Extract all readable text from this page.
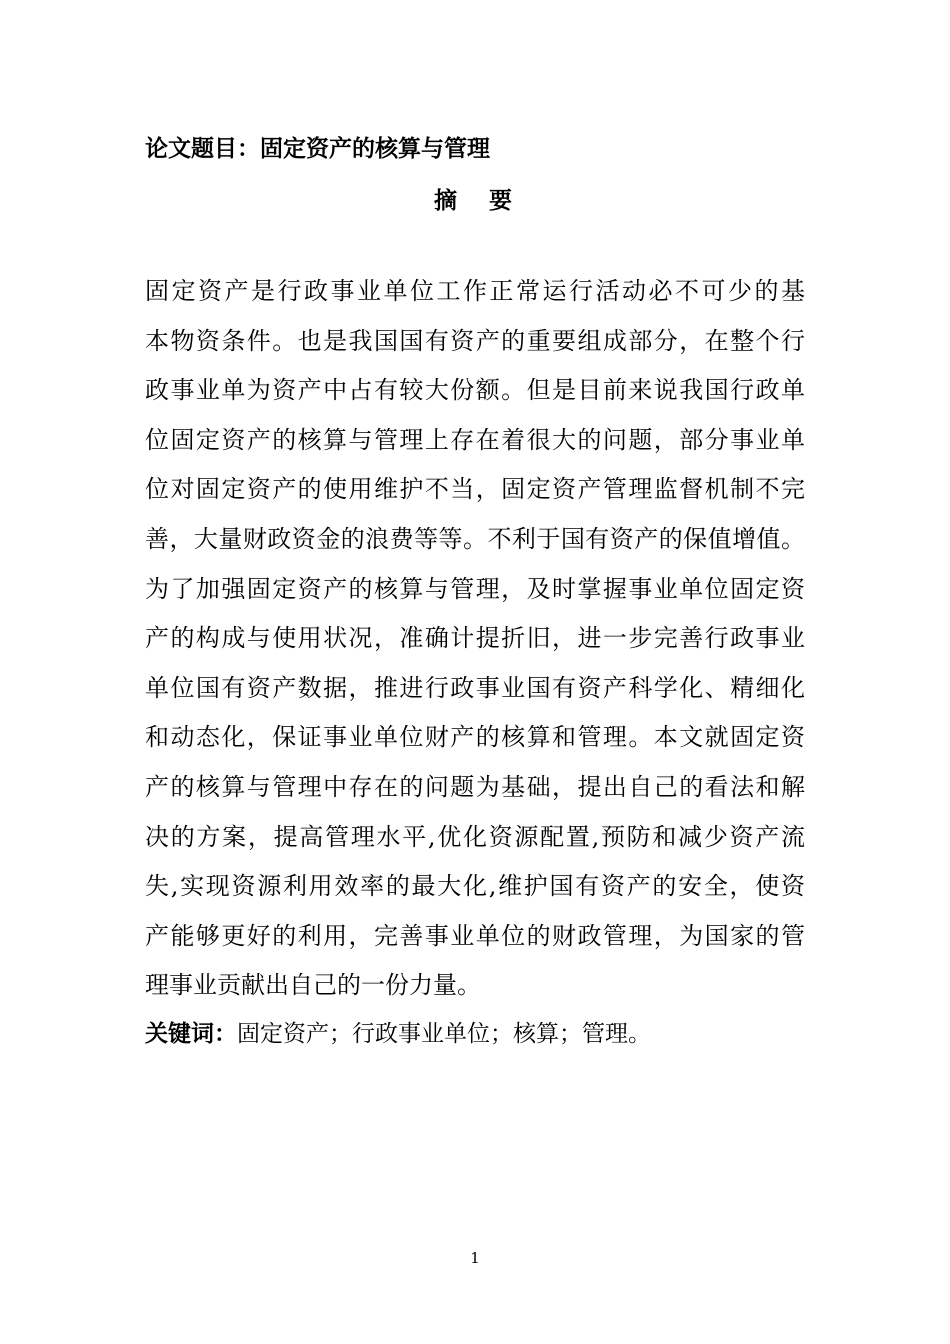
论文题目：固定资产的核算与管理
摘 要
固定资产是行政事业单位工作正常运行活动必不可少的基
本物资条件。也是我国国有资产的重要组成部分，在整个行
政事业单为资产中占有较大份额。但是目前来说我国行政单
位固定资产的核算与管理上存在着很大的问题，部分事业单
位对固定资产的使用维护不当，固定资产管理监督机制不完
善，大量财政资金的浪费等等。不利于国有资产的保值增值。
为了加强固定资产的核算与管理，及时掌握事业单位固定资
产的构成与使用状况，准确计提折旧，进一步完善行政事业
单位国有资产数据，推进行政事业国有资产科学化、精细化
和动态化，保证事业单位财产的核算和管理。本文就固定资
产的核算与管理中存在的问题为基础，提出自己的看法和解
决的方案，提高管理水平,优化资源配置,预防和减少资产流
失,实现资源利用效率的最大化,维护国有资产的安全，使资
产能够更好的利用，完善事业单位的财政管理，为国家的管
理事业贡献出自己的一份力量。

关键词：固定资产；行政事业单位；核算；管理。

1
